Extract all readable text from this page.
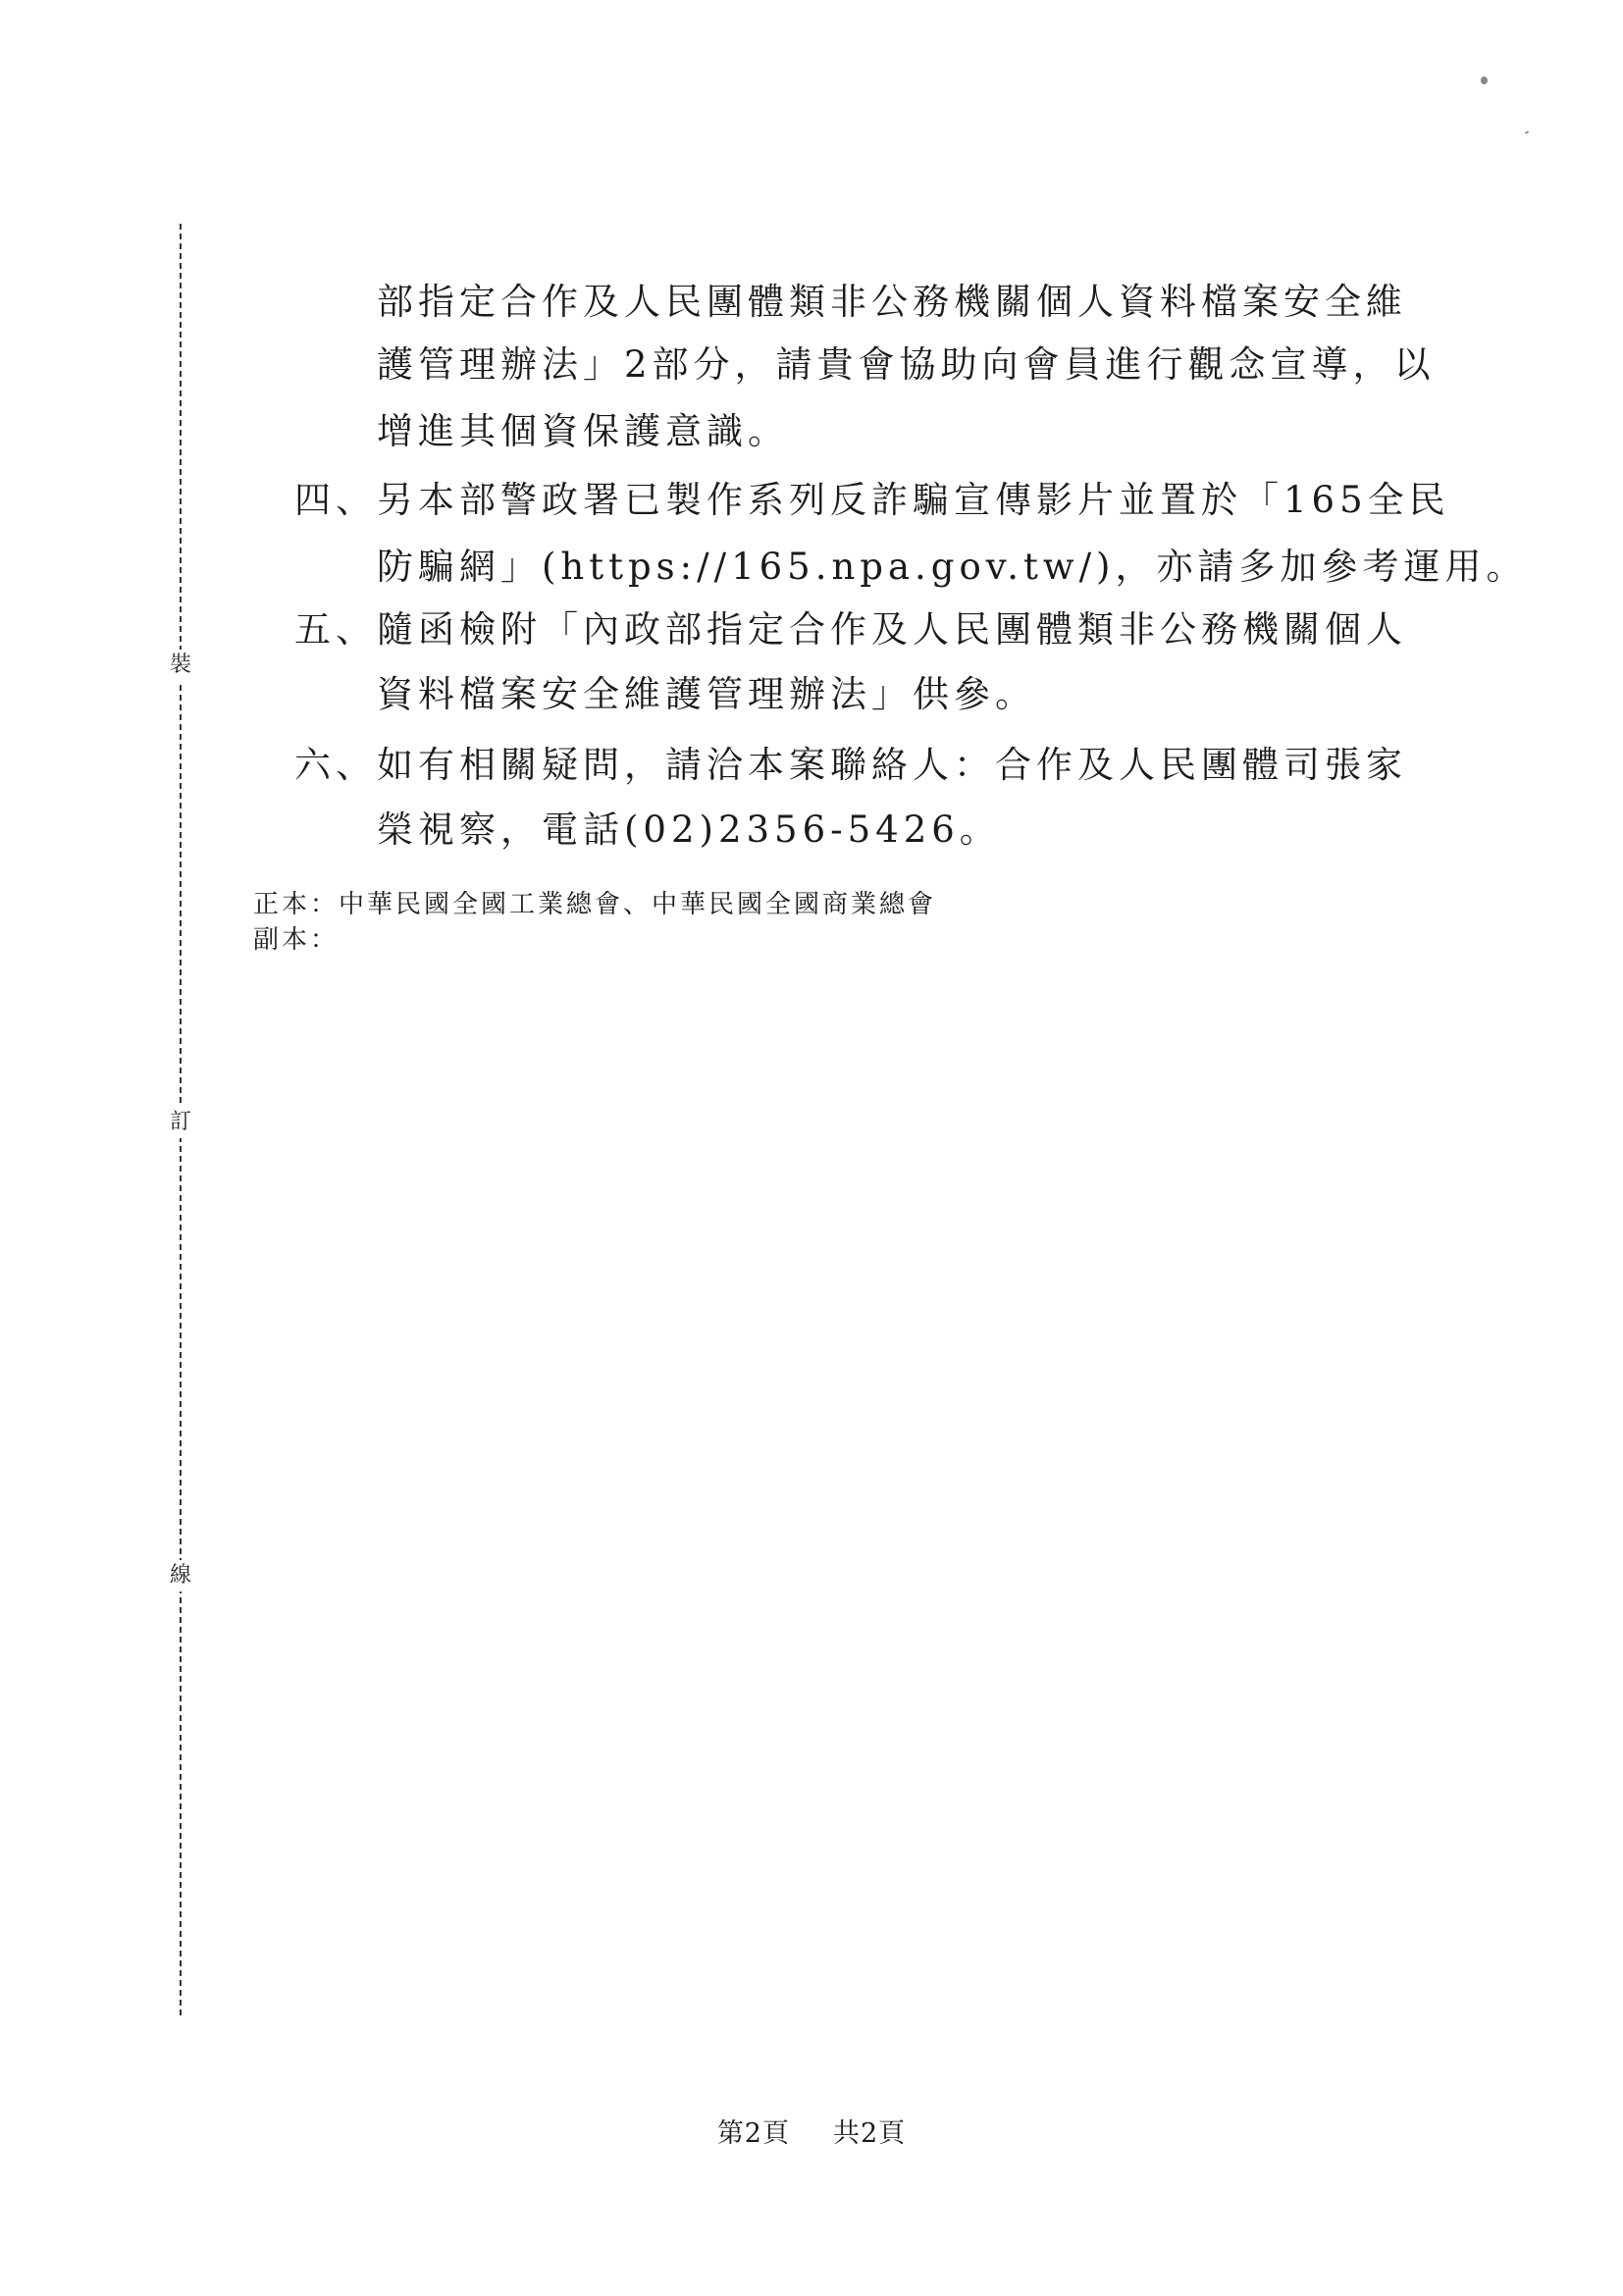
裝
訂
線
部指定合作及人民團體類非公務機關個人資料檔案安全維
護管理辦法」2部分，請貴會協助向會員進行觀念宣導，以
增進其個資保護意識。
四、另本部警政署已製作系列反詐騙宣傳影片並置於「165全民
防騙網」(https://165.npa.gov.tw/)，亦請多加參考運用。
五、隨函檢附「內政部指定合作及人民團體類非公務機關個人
資料檔案安全維護管理辦法」供參。
六、如有相關疑問，請洽本案聯絡人：合作及人民團體司張家
榮視察，電話(02)2356-5426。
正本：中華民國全國工業總會、中華民國全國商業總會
副本：
第2頁 共2頁
